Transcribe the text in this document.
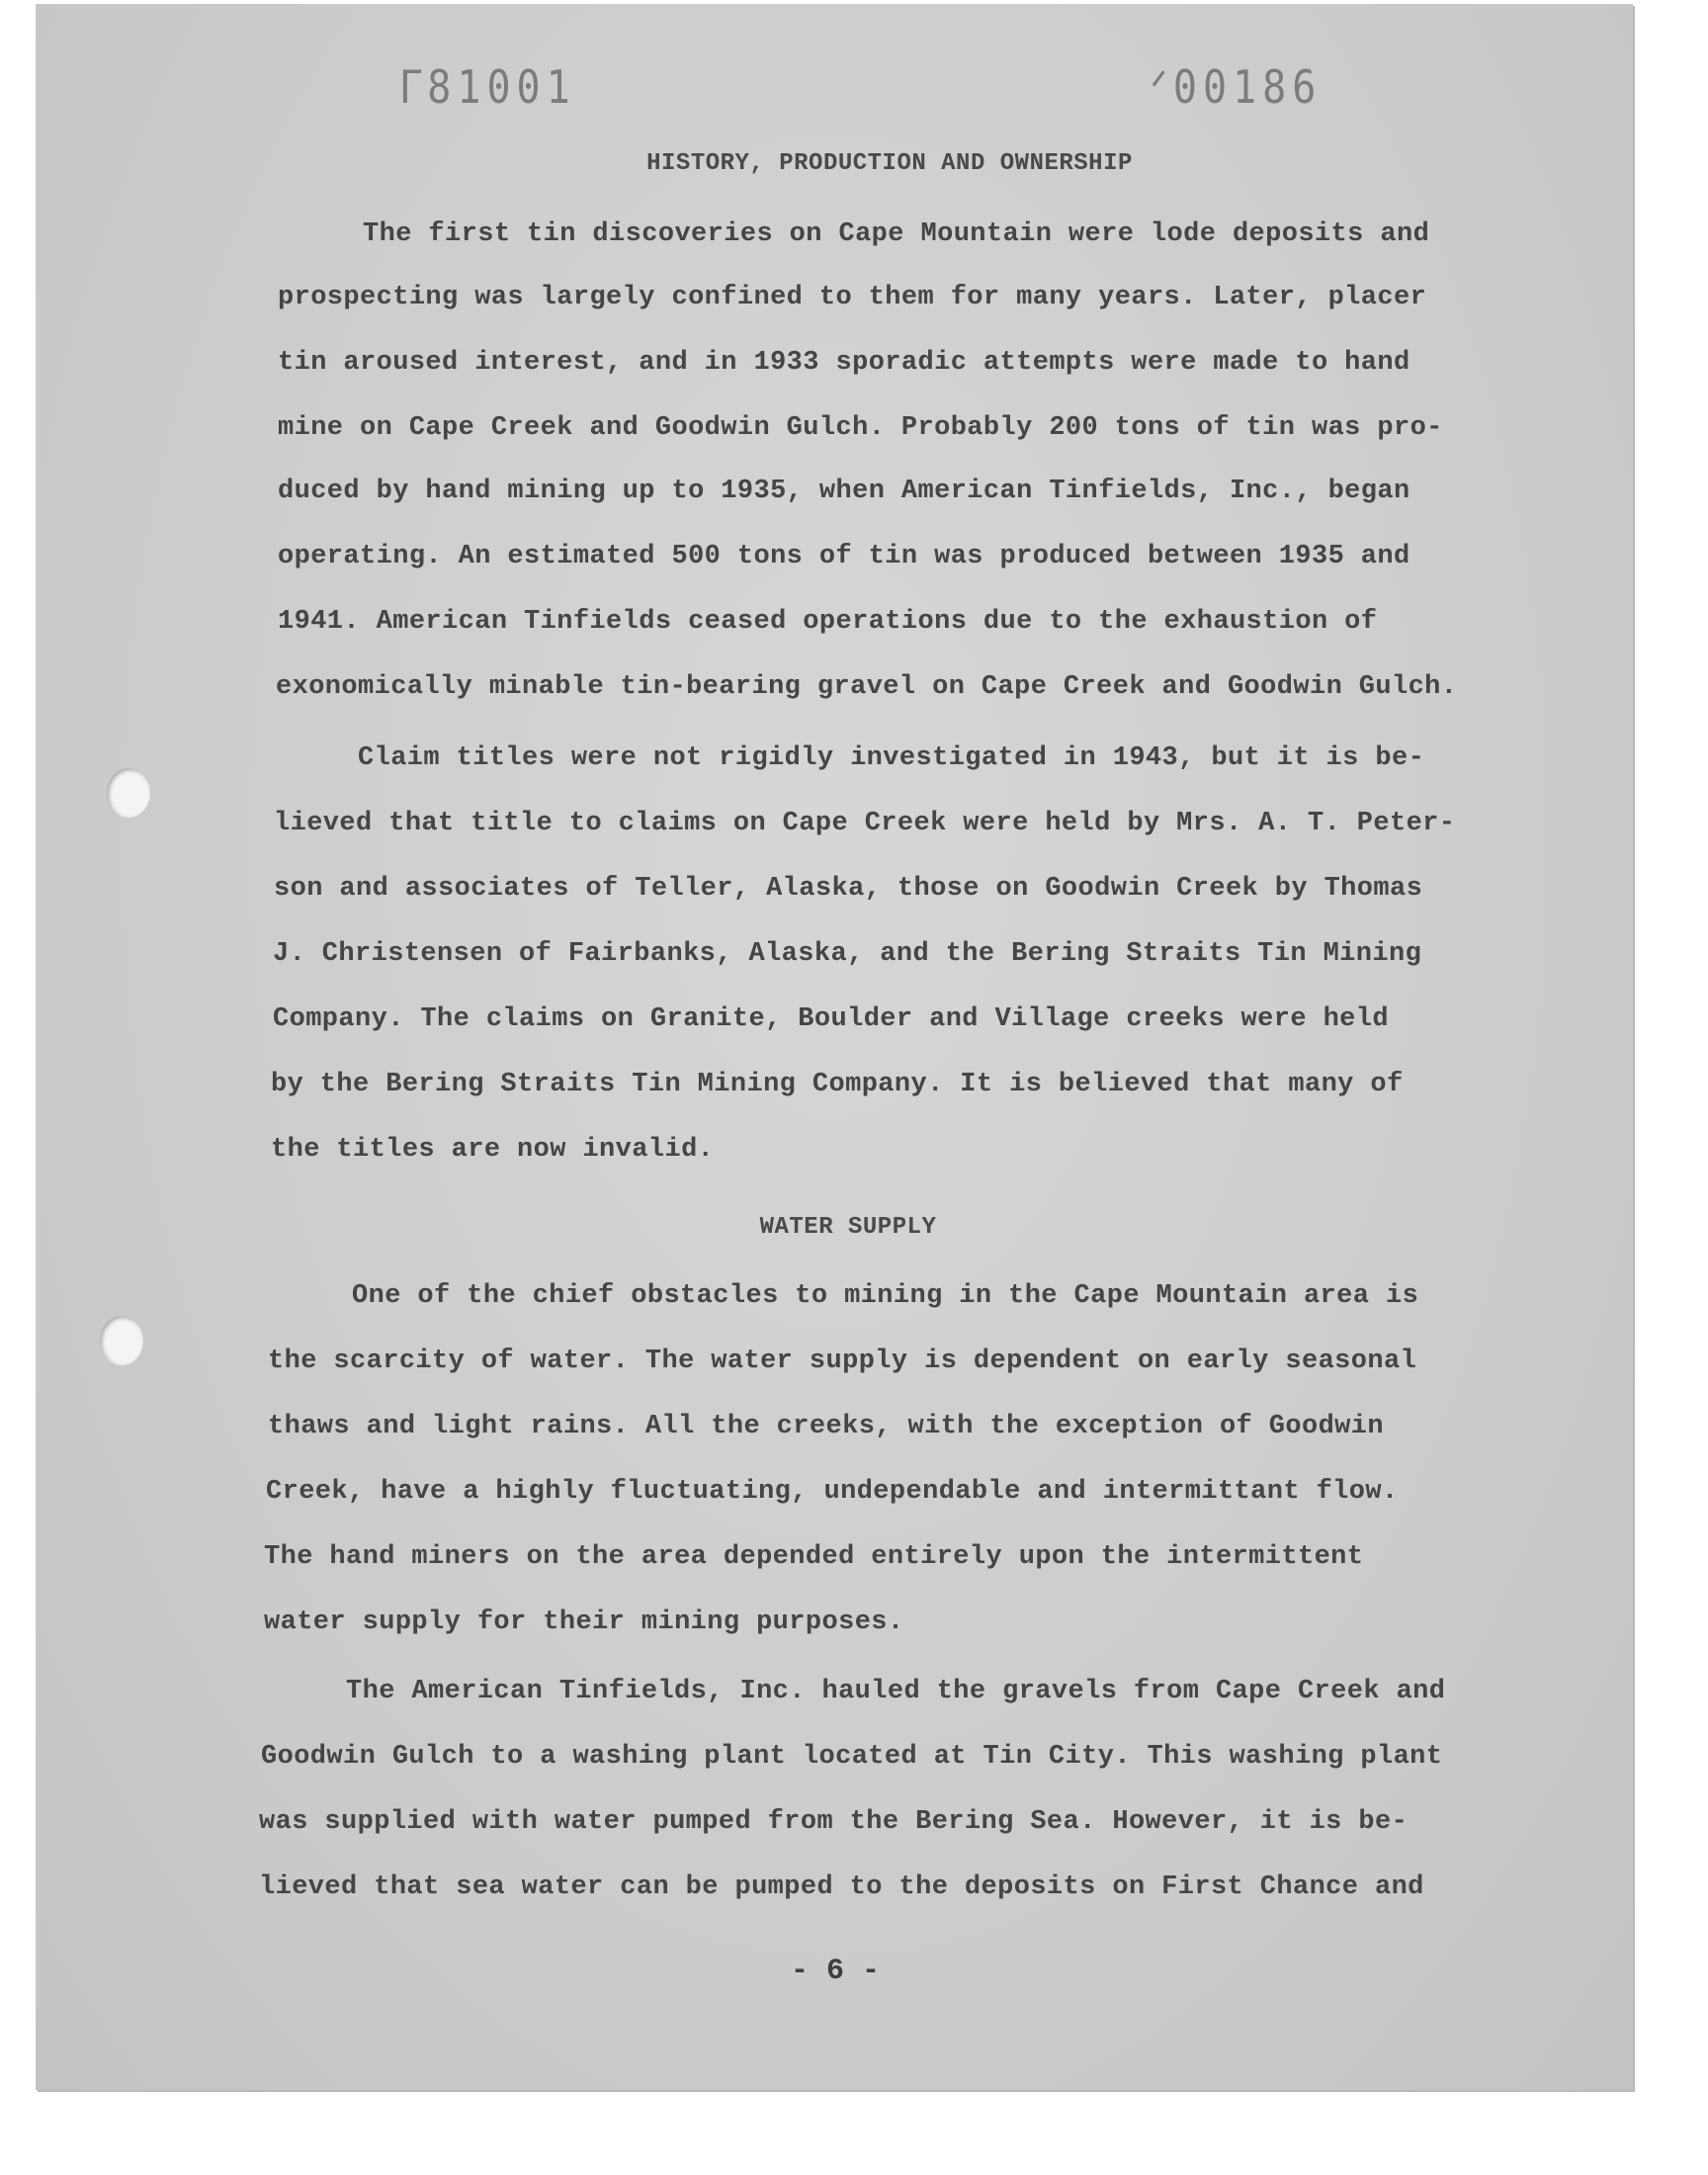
ᒥ81001	ᐟ00186
HISTORY, PRODUCTION AND OWNERSHIP
The first tin discoveries on Cape Mountain were lode deposits and
prospecting was largely confined to them for many years. Later, placer
tin aroused interest, and in 1933 sporadic attempts were made to hand
mine on Cape Creek and Goodwin Gulch. Probably 200 tons of tin was pro-
duced by hand mining up to 1935, when American Tinfields, Inc., began
operating. An estimated 500 tons of tin was produced between 1935 and
1941. American Tinfields ceased operations due to the exhaustion of
exonomically minable tin-bearing gravel on Cape Creek and Goodwin Gulch.
Claim titles were not rigidly investigated in 1943, but it is be-
lieved that title to claims on Cape Creek were held by Mrs. A. T. Peter-
son and associates of Teller, Alaska, those on Goodwin Creek by Thomas
J. Christensen of Fairbanks, Alaska, and the Bering Straits Tin Mining
Company. The claims on Granite, Boulder and Village creeks were held
by the Bering Straits Tin Mining Company. It is believed that many of
the titles are now invalid.
WATER SUPPLY
One of the chief obstacles to mining in the Cape Mountain area is
the scarcity of water. The water supply is dependent on early seasonal
thaws and light rains. All the creeks, with the exception of Goodwin
Creek, have a highly fluctuating, undependable and intermittant flow.
The hand miners on the area depended entirely upon the intermittent
water supply for their mining purposes.
The American Tinfields, Inc. hauled the gravels from Cape Creek and
Goodwin Gulch to a washing plant located at Tin City. This washing plant
was supplied with water pumped from the Bering Sea. However, it is be-
lieved that sea water can be pumped to the deposits on First Chance and
- 6 -
